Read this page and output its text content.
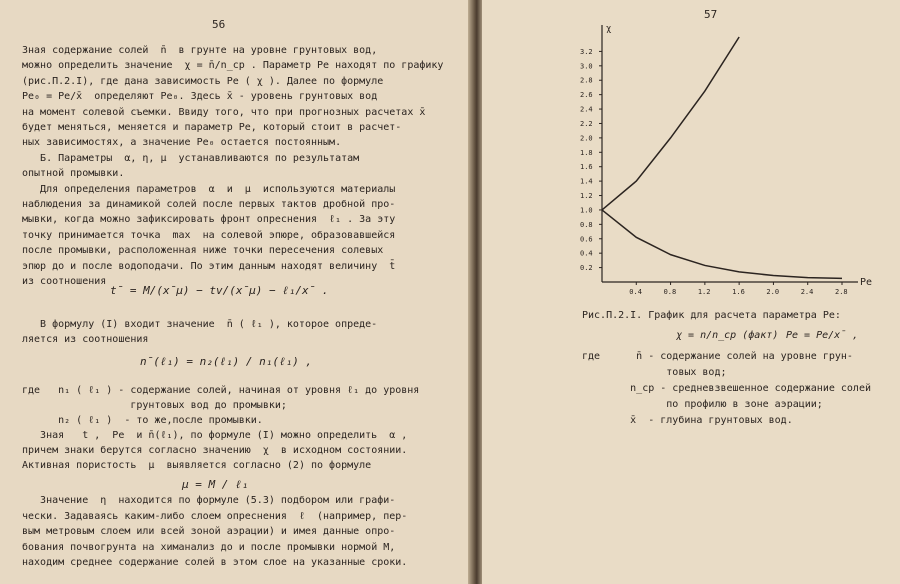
56
Зная содержание солей  n̄  в грунте на уровне грунтовых вод,
можно определить значение  χ = n̄/n_cp . Параметр Pe находят по графику
(рис.П.2.I), где дана зависимость Pe ( χ ). Далее по формуле
Pe₀ = Pe/x̄  определяют Pe₀. Здесь x̄ - уровень грунтовых вод
на момент солевой съемки. Ввиду того, что при прогнозных расчетах x̄
будет меняться, меняется и параметр Pe, который стоит в расчет-
ных зависимостях, а значение Pe₀ остается постоянным.
Б. Параметры  α, η, μ  устанавливаются по результатам
опытной промывки.
Для определения параметров  α  и  μ  используются материалы
наблюдения за динамикой солей после первых тактов дробной про-
мывки, когда можно зафиксировать фронт опреснения  ℓ₁ . За эту
точку принимается точка  max  на солевой эпюре, образовавшейся
после промывки, расположенная ниже точки пересечения солевых
эпюр до и после водоподачи. По этим данным находят величину  t̄
из соотношения
t̄ = M/(x̄μ) − tv/(x̄μ) − ℓ₁/x̄ .
В формулу (I) входит значение  n̄ ( ℓ₁ ), которое опреде-
ляется из соотношения
n̄(ℓ₁) = n₂(ℓ₁) / n₁(ℓ₁) ,
где   n₁ ( ℓ₁ ) - содержание солей, начиная от уровня ℓ₁ до уровня
грунтовых вод до промывки;
n₂ ( ℓ₁ )  - то же,после промывки.
Зная   t ,  Pe  и n̄(ℓ₁), по формуле (I) можно определить  α ,
причем знаки берутся согласно значению  χ  в исходном состоянии.
Активная пористость  μ  выявляется согласно (2) по формуле
μ = M / ℓ₁
Значение  η  находится по формуле (5.3) подбором или графи-
чески. Задаваясь каким-либо слоем опреснения  ℓ  (например, пер-
вым метровым слоем или всей зоной аэрации) и имея данные опро-
бования почвогрунта на химанализ до и после промывки нормой M,
находим среднее содержание солей в этом слое на указанные сроки.
57
χ
Pe
0.4	0.8	1.2	1.6	2.0	2.4	2.8
0.2
0.4
0.6
0.8
1.0
1.2
1.4
1.6
1.8
2.0
2.2
2.4
2.6
2.8
3.0
3.2
Рис.П.2.I. График для расчета параметра Pe:
χ = n/n_cp (факт) Pe = Pe/x̄ ,
где      n̄ - содержание солей на уровне грун-
товых вод;
n_cp - средневзвешенное содержание солей
по профилю в зоне аэрации;
x̄  - глубина грунтовых вод.
